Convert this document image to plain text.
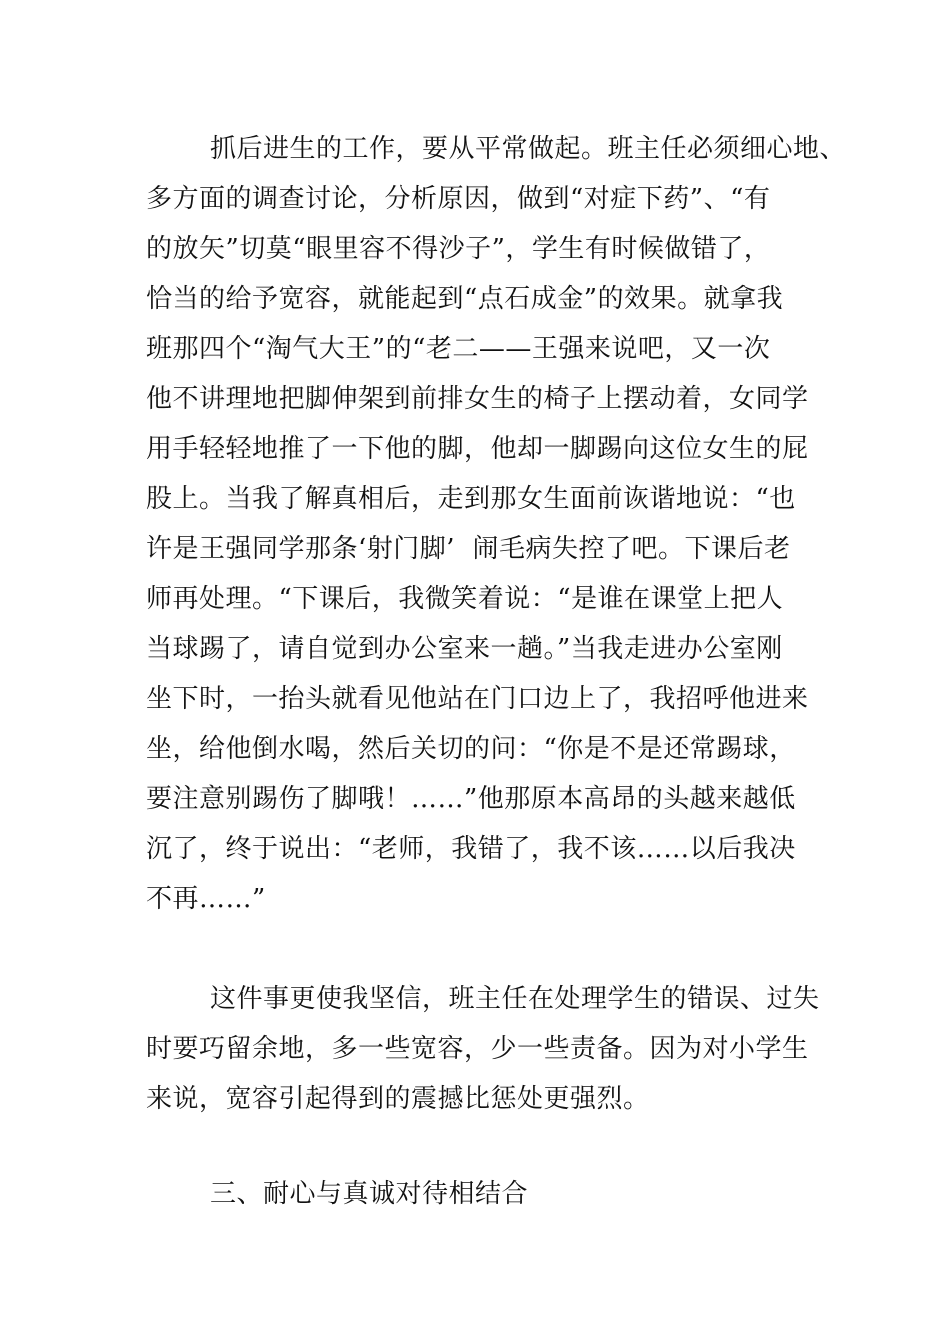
抓后进生的工作，要从平常做起。班主任必须细心地、
多方面的调查讨论，分析原因，做到“对症下药”、“有
的放矢”切莫“眼里容不得沙子”，学生有时候做错了，
恰当的给予宽容，就能起到“点石成金”的效果。就拿我
班那四个“淘气大王”的“老二——王强来说吧，又一次
他不讲理地把脚伸架到前排女生的椅子上摆动着，女同学
用手轻轻地推了一下他的脚，他却一脚踢向这位女生的屁
股上。当我了解真相后，走到那女生面前诙谐地说：“也
许是王强同学那条‘射门脚’  闹毛病失控了吧。下课后老
师再处理。“下课后，我微笑着说：“是谁在课堂上把人
当球踢了，请自觉到办公室来一趟。”当我走进办公室刚
坐下时，一抬头就看见他站在门口边上了，我招呼他进来
坐，给他倒水喝，然后关切的问：“你是不是还常踢球，
要注意别踢伤了脚哦！……”他那原本高昂的头越来越低
沉了，终于说出：“老师，我错了，我不该……以后我决
不再……”
这件事更使我坚信，班主任在处理学生的错误、过失
时要巧留余地，多一些宽容，少一些责备。因为对小学生
来说，宽容引起得到的震撼比惩处更强烈。
三、耐心与真诚对待相结合
